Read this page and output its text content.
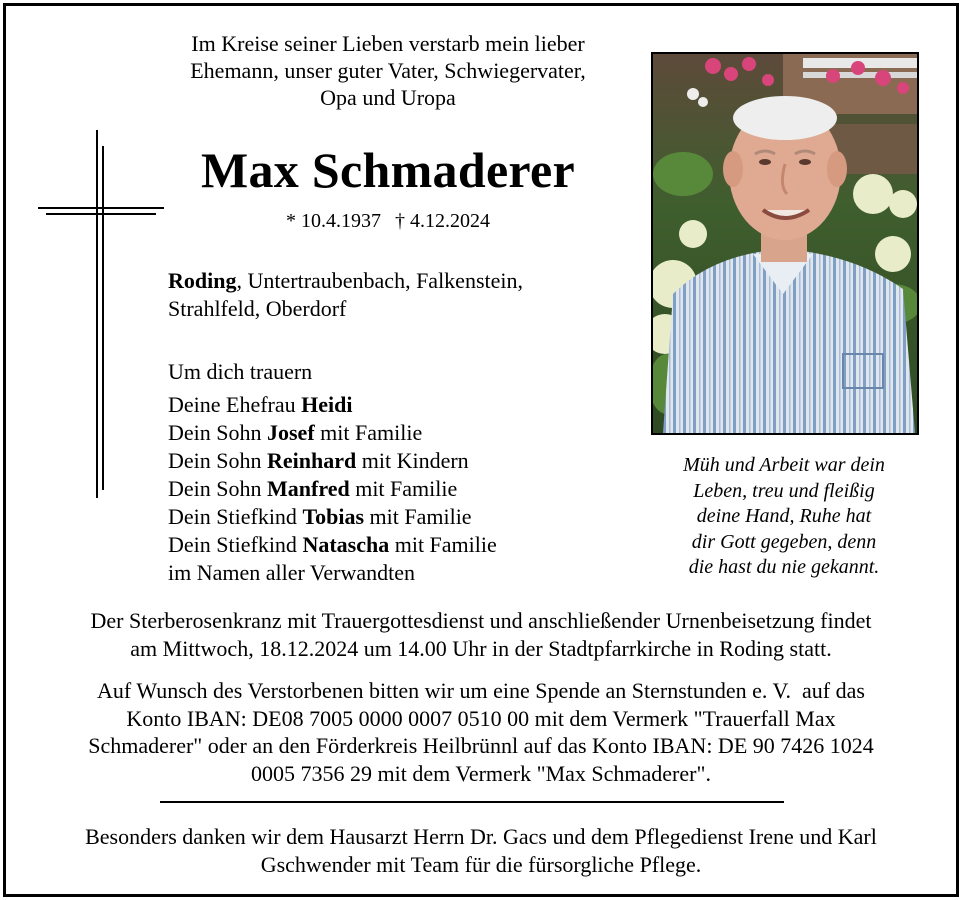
Im Kreise seiner Lieben verstarb mein lieber
Ehemann, unser guter Vater, Schwiegervater,
Opa und Uropa
Max Schmaderer
* 10.4.1937 † 4.12.2024
Roding, Untertraubenbach, Falkenstein,
Strahlfeld, Oberdorf
Um dich trauern
Deine Ehefrau Heidi
Dein Sohn Josef mit Familie
Dein Sohn Reinhard mit Kindern
Dein Sohn Manfred mit Familie
Dein Stiefkind Tobias mit Familie
Dein Stiefkind Natascha mit Familie
im Namen aller Verwandten
Müh und Arbeit war dein
Leben, treu und fleißig
deine Hand, Ruhe hat
dir Gott gegeben, denn
die hast du nie gekannt.
Der Sterberosenkranz mit Trauergottesdienst und anschließender Urnenbeisetzung findet
am Mittwoch, 18.12.2024 um 14.00 Uhr in der Stadtpfarrkirche in Roding statt.
Auf Wunsch des Verstorbenen bitten wir um eine Spende an Sternstunden e. V.  auf das
Konto IBAN: DE08 7005 0000 0007 0510 00 mit dem Vermerk "Trauerfall Max
Schmaderer" oder an den Förderkreis Heilbrünnl auf das Konto IBAN: DE 90 7426 1024
0005 7356 29 mit dem Vermerk "Max Schmaderer".
Besonders danken wir dem Hausarzt Herrn Dr. Gacs und dem Pflegedienst Irene und Karl
Gschwender mit Team für die fürsorgliche Pflege.
